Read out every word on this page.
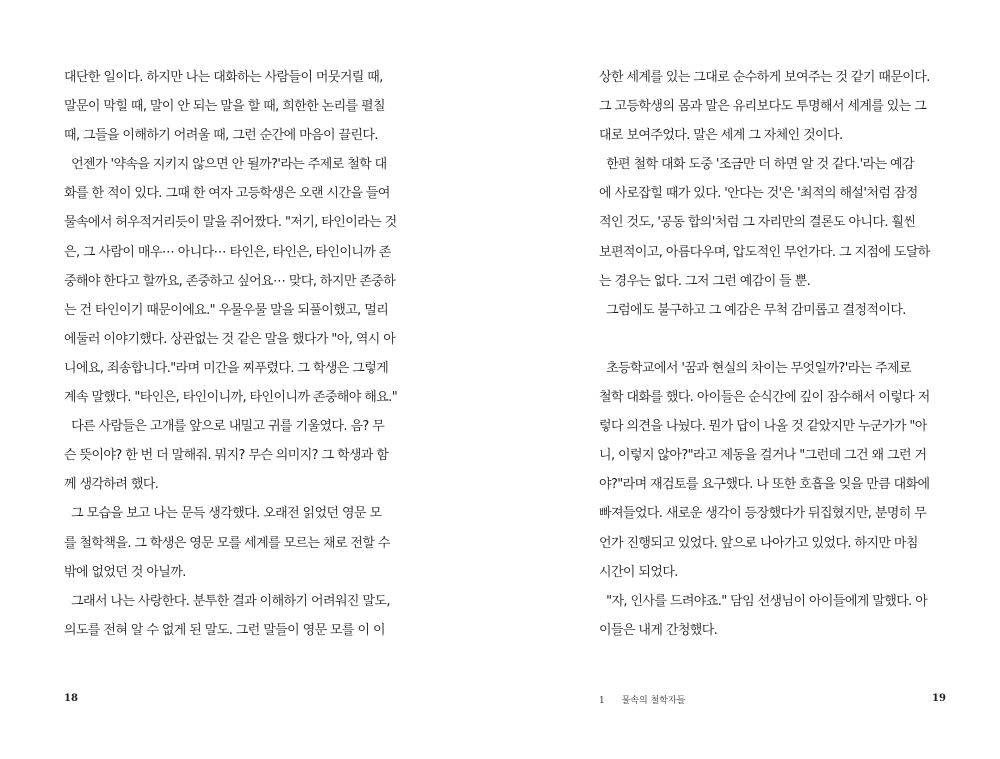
대단한 일이다. 하지만 나는 대화하는 사람들이 머뭇거릴 때,
말문이 막힐 때, 말이 안 되는 말을 할 때, 희한한 논리를 펼칠
때, 그들을 이해하기 어려울 때, 그런 순간에 마음이 끌린다.
언젠가 '약속을 지키지 않으면 안 될까?'라는 주제로 철학 대
화를 한 적이 있다. 그때 한 여자 고등학생은 오랜 시간을 들여
물속에서 허우적거리듯이 말을 쥐어짰다. "저기, 타인이라는 것
은, 그 사람이 매우⋯ 아니다⋯ 타인은, 타인은, 타인이니까 존
중해야 한다고 할까요, 존중하고 싶어요⋯ 맞다, 하지만 존중하
는 건 타인이기 때문이에요." 우물우물 말을 되풀이했고, 멀리
에둘러 이야기했다. 상관없는 것 같은 말을 했다가 "아, 역시 아
니에요, 죄송합니다."라며 미간을 찌푸렸다. 그 학생은 그렇게
계속 말했다. "타인은, 타인이니까, 타인이니까 존중해야 해요."
다른 사람들은 고개를 앞으로 내밀고 귀를 기울였다. 음? 무
슨 뜻이야? 한 번 더 말해줘. 뭐지? 무슨 의미지? 그 학생과 함
께 생각하려 했다.
그 모습을 보고 나는 문득 생각했다. 오래전 읽었던 영문 모
를 철학책을. 그 학생은 영문 모를 세계를 모르는 채로 전할 수
밖에 없었던 것 아닐까.
그래서 나는 사랑한다. 분투한 결과 이해하기 어려워진 말도,
의도를 전혀 알 수 없게 된 말도. 그런 말들이 영문 모를 이 이
18
상한 세계를 있는 그대로 순수하게 보여주는 것 같기 때문이다.
그 고등학생의 몸과 말은 유리보다도 투명해서 세계를 있는 그
대로 보여주었다. 말은 세계 그 자체인 것이다.
한편 철학 대화 도중 '조금만 더 하면 알 것 같다.'라는 예감
에 사로잡힐 때가 있다. '안다는 것'은 '최적의 해설'처럼 잠정
적인 것도, '공동 합의'처럼 그 자리만의 결론도 아니다. 훨씬
보편적이고, 아름다우며, 압도적인 무언가다. 그 지점에 도달하
는 경우는 없다. 그저 그런 예감이 들 뿐.
그럼에도 불구하고 그 예감은 무척 감미롭고 결정적이다.
초등학교에서 '꿈과 현실의 차이는 무엇일까?'라는 주제로
철학 대화를 했다. 아이들은 순식간에 깊이 잠수해서 이렇다 저
렇다 의견을 나눴다. 뭔가 답이 나올 것 같았지만 누군가가 "아
니, 이렇지 않아?"라고 제동을 걸거나 "그런데 그건 왜 그런 거
야?"라며 재검토를 요구했다. 나 또한 호흡을 잊을 만큼 대화에
빠져들었다. 새로운 생각이 등장했다가 뒤집혔지만, 분명히 무
언가 진행되고 있었다. 앞으로 나아가고 있었다. 하지만 마침
시간이 되었다.
"자, 인사를 드려야죠." 담임 선생님이 아이들에게 말했다. 아
이들은 내게 간청했다.
1 물속의 철학자들	19
